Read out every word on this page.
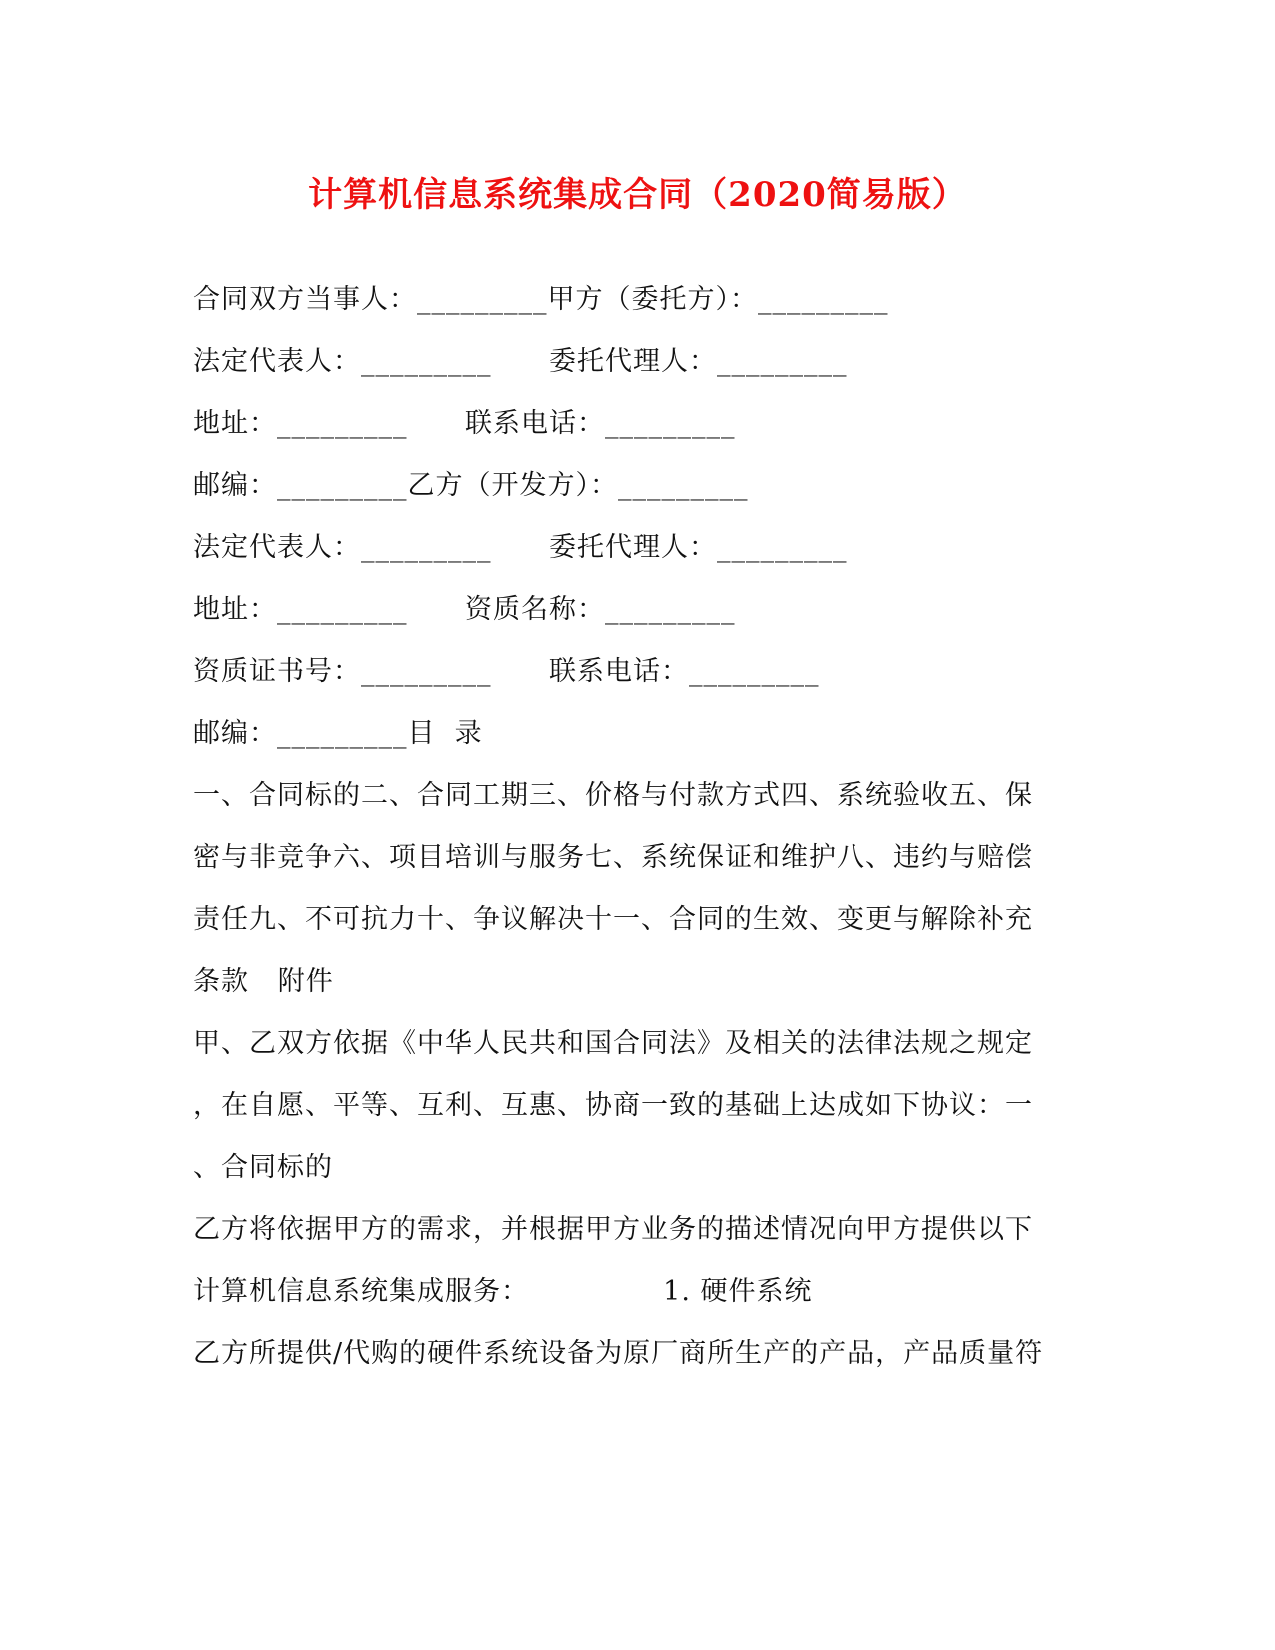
计算机信息系统集成合同（2020简易版）
合同双方当事人：_________甲方（委托方）：_________
法定代表人：_________      委托代理人：_________
地址：_________      联系电话：_________
邮编：_________乙方（开发方）：_________
法定代表人：_________      委托代理人：_________
地址：_________      资质名称：_________
资质证书号：_________      联系电话：_________
邮编：_________目  录
一、合同标的二、合同工期三、价格与付款方式四、系统验收五、保
密与非竞争六、项目培训与服务七、系统保证和维护八、违约与赔偿
责任九、不可抗力十、争议解决十一、合同的生效、变更与解除补充
条款   附件
甲、乙双方依据《中华人民共和国合同法》及相关的法律法规之规定
，在自愿、平等、互利、互惠、协商一致的基础上达成如下协议：一
、合同标的
乙方将依据甲方的需求，并根据甲方业务的描述情况向甲方提供以下
计算机信息系统集成服务：              1. 硬件系统
乙方所提供/代购的硬件系统设备为原厂商所生产的产品，产品质量符
